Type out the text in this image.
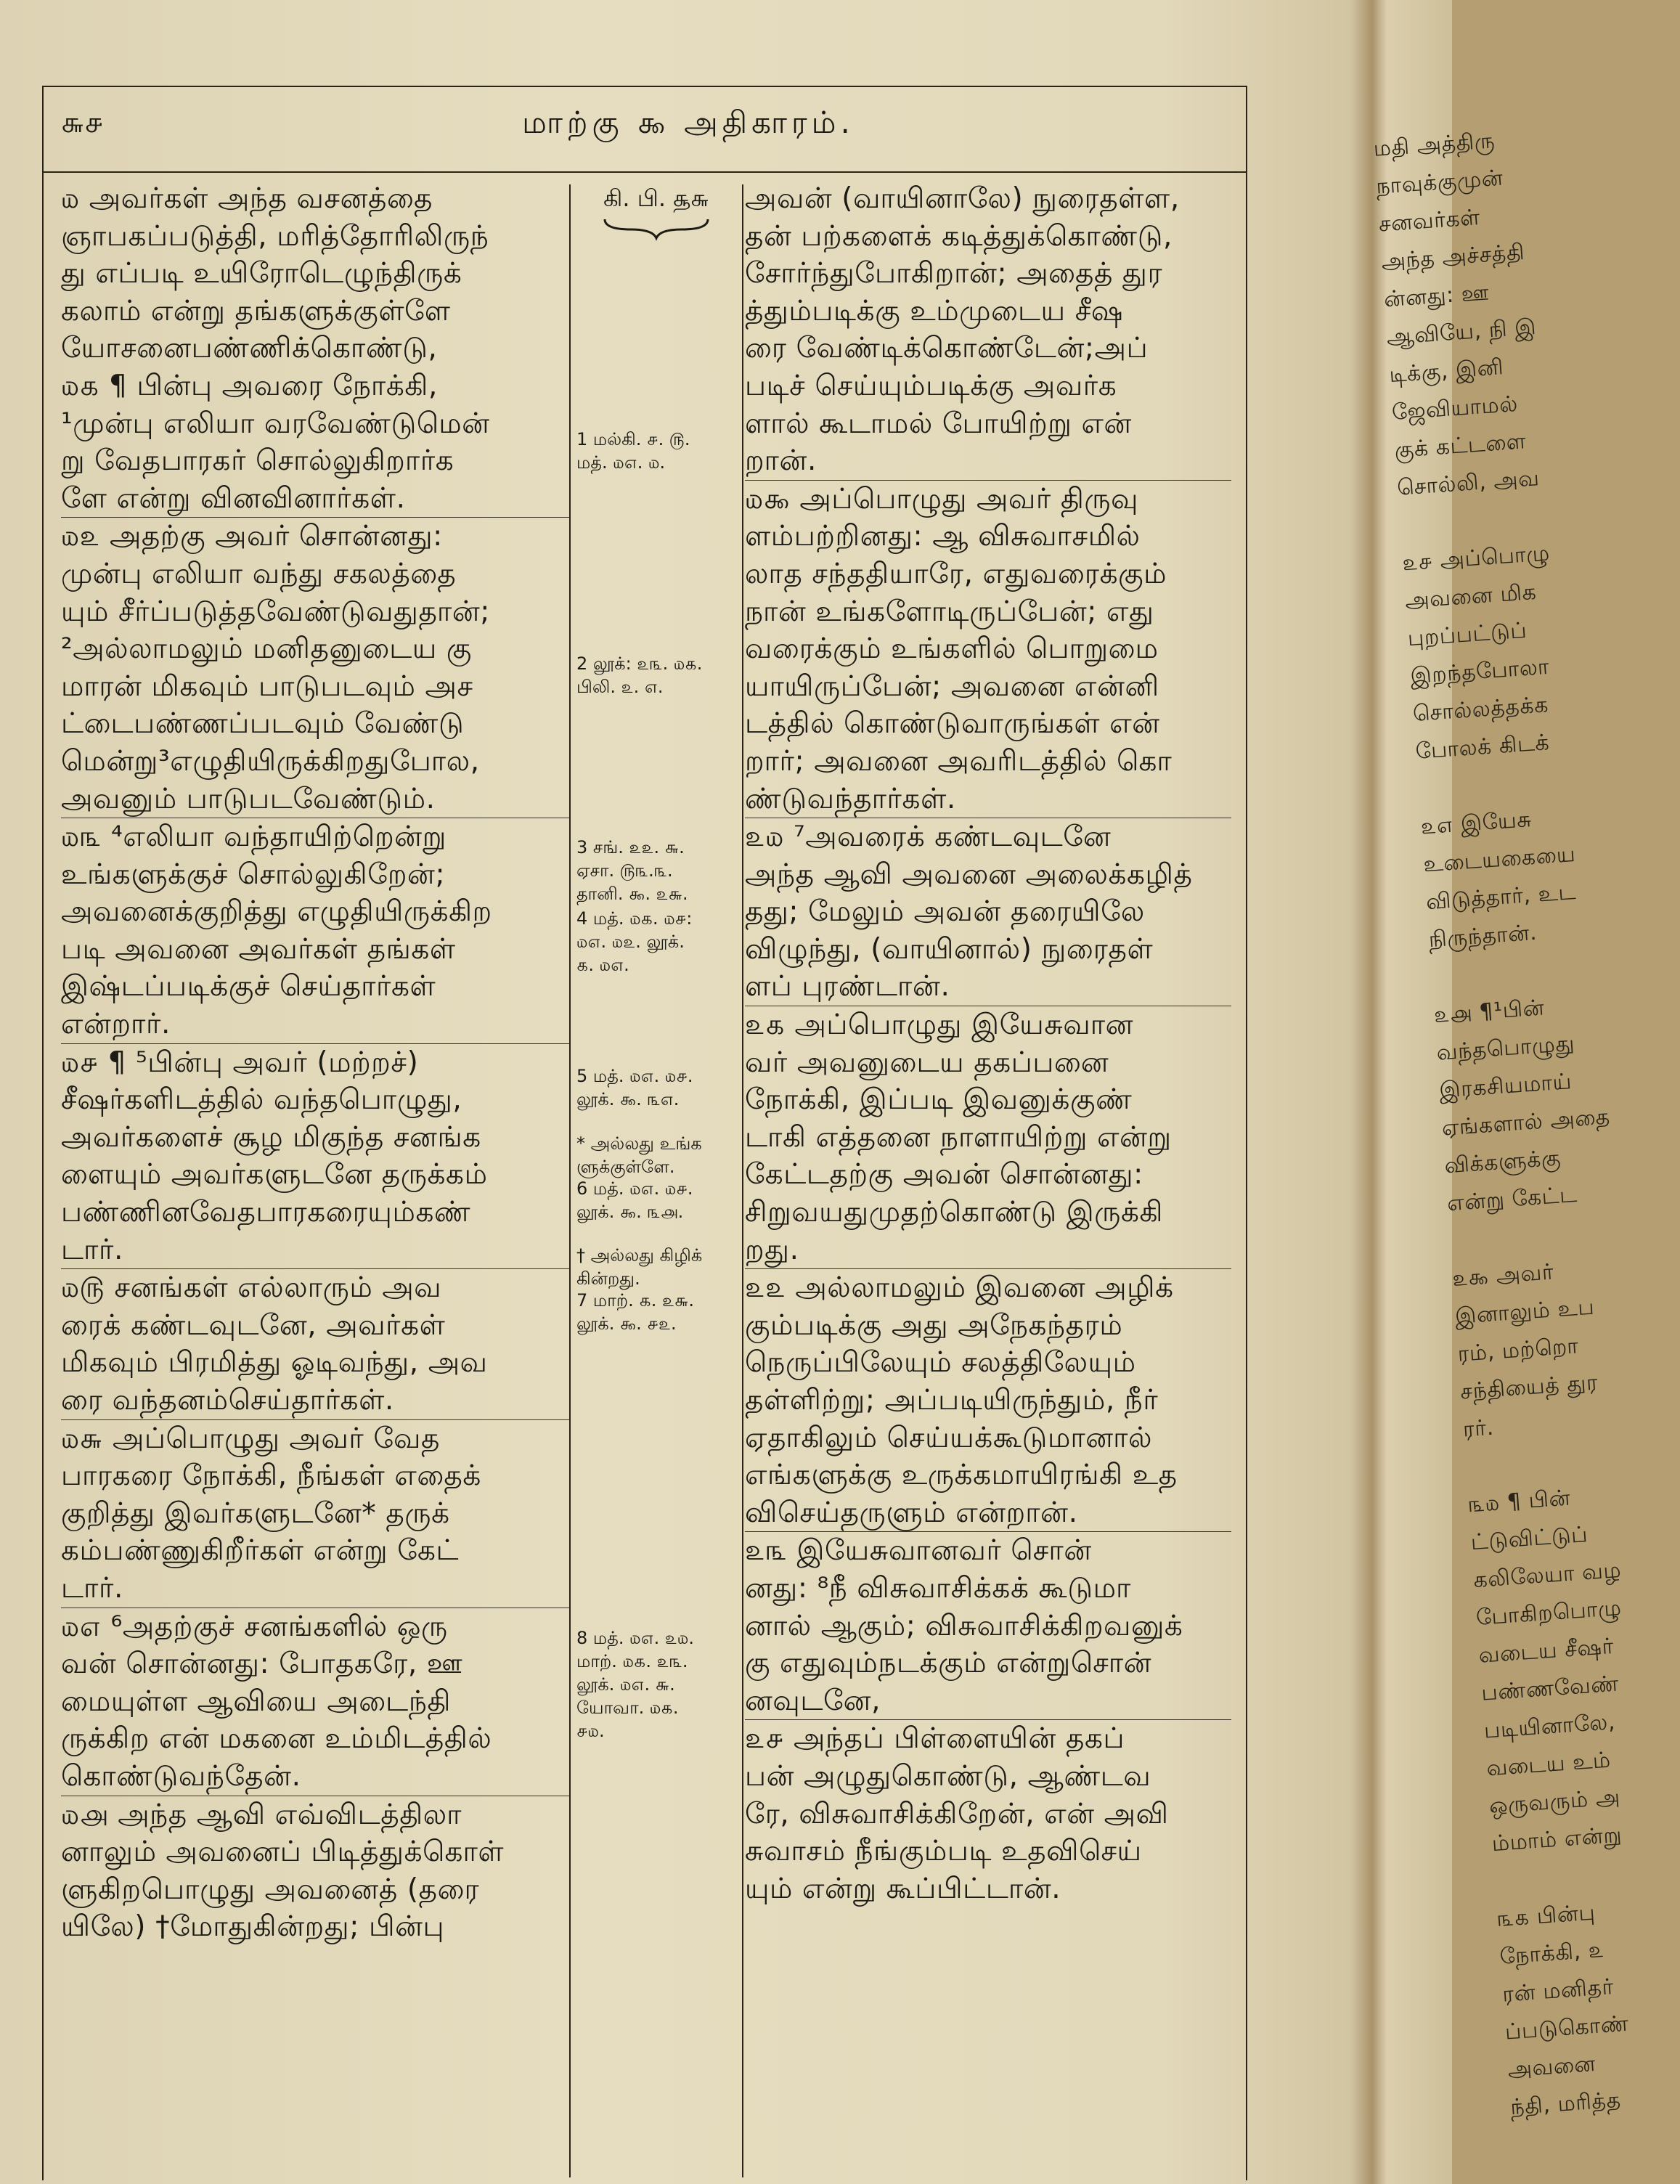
௬௪	மாற்கு ௯ அதிகாரம்.
௰ அவர்கள் அந்த வசனத்தை
ஞாபகப்படுத்தி, மரித்தோரிலிருந்
து எப்படி உயிரோடெழுந்திருக்
கலாம் என்று தங்களுக்குள்ளே
யோசனைபண்ணிக்கொண்டு,
௰௧ ¶ பின்பு அவரை நோக்கி,
¹முன்பு எலியா வரவேண்டுமென்
று வேதபாரகர் சொல்லுகிறார்க
ளே என்று வினவினார்கள்.
௰௨ அதற்கு அவர் சொன்னது:
முன்பு எலியா வந்து சகலத்தை
யும் சீர்ப்படுத்தவேண்டுவதுதான்;
²அல்லாமலும் மனிதனுடைய கு
மாரன் மிகவும் பாடுபடவும் அச
ட்டைபண்ணப்படவும் வேண்டு
மென்று³எழுதியிருக்கிறதுபோல,
அவனும் பாடுபடவேண்டும்.
௰௩ ⁴எலியா வந்தாயிற்றென்று
உங்களுக்குச் சொல்லுகிறேன்;
அவனைக்குறித்து எழுதியிருக்கிற
படி அவனை அவர்கள் தங்கள்
இஷ்டப்படிக்குச் செய்தார்கள்
என்றார்.
௰௪ ¶ ⁵பின்பு அவர் (மற்றச்)
சீஷர்களிடத்தில் வந்தபொழுது,
அவர்களைச் சூழ மிகுந்த சனங்க
ளையும் அவர்களுடனே தருக்கம்
பண்ணினவேதபாரகரையும்கண்
டார்.
௰௫ சனங்கள் எல்லாரும் அவ
ரைக் கண்டவுடனே, அவர்கள்
மிகவும் பிரமித்து ஓடிவந்து, அவ
ரை வந்தனம்செய்தார்கள்.
௰௬ அப்பொழுது அவர் வேத
பாரகரை நோக்கி, நீங்கள் எதைக்
குறித்து இவர்களுடனே* தருக்
கம்பண்ணுகிறீர்கள் என்று கேட்
டார்.
௰௭ ⁶அதற்குச் சனங்களில் ஒரு
வன் சொன்னது: போதகரே, ஊ
மையுள்ள ஆவியை அடைந்தி
ருக்கிற என் மகனை உம்மிடத்தில்
கொண்டுவந்தேன்.
௰௮ அந்த ஆவி எவ்விடத்திலா
னாலும் அவனைப் பிடித்துக்கொள்
ளுகிறபொழுது அவனைத் (தரை
யிலே) †மோதுகின்றது; பின்பு
கி. பி. ௲௬
1 மல்கி. ௪. ௫.
மத். ௰௭. ௰.
2 லூக்: ௨௩. ௰௧.
பிலி. ௨. ௭.
3 சங். ௨௨. ௬.
ஏசா. ௫௩.௩.
தானி. ௯. ௨௬.
4 மத். ௰௧. ௰௪:
௰௭. ௰௨. லூக்.
௧. ௰௭.
5 மத். ௰௭. ௰௪.
லூக். ௯. ௩௭.
* அல்லது உங்க
ளுக்குள்ளே.
6 மத். ௰௭. ௰௪.
லூக். ௯. ௩௮.
† அல்லது கிழிக்
கின்றது.
7 மாற். ௧. ௨௬.
லூக். ௯. ௪௨.
8 மத். ௰௭. ௨௰.
மாற். ௰௧. ௨௩.
லூக். ௰௭. ௬.
யோவா. ௰௧.
௪௰.
அவன் (வாயினாலே) நுரைதள்ள,
தன் பற்களைக் கடித்துக்கொண்டு,
சோர்ந்துபோகிறான்; அதைத் துர
த்தும்படிக்கு உம்முடைய சீஷ
ரை வேண்டிக்கொண்டேன்;அப்
படிச் செய்யும்படிக்கு அவர்க
ளால் கூடாமல் போயிற்று என்
றான்.
௰௯ அப்பொழுது அவர் திருவு
ளம்பற்றினது: ஆ விசுவாசமில்
லாத சந்ததியாரே, எதுவரைக்கும்
நான் உங்களோடிருப்பேன்; எது
வரைக்கும் உங்களில் பொறுமை
யாயிருப்பேன்; அவனை என்னி
டத்தில் கொண்டுவாருங்கள் என்
றார்; அவனை அவரிடத்தில் கொ
ண்டுவந்தார்கள்.
௨௰ ⁷அவரைக் கண்டவுடனே
அந்த ஆவி அவனை அலைக்கழித்
தது; மேலும் அவன் தரையிலே
விழுந்து, (வாயினால்) நுரைதள்
ளப் புரண்டான்.
௨௧ அப்பொழுது இயேசுவான
வர் அவனுடைய தகப்பனை
நோக்கி, இப்படி இவனுக்குண்
டாகி எத்தனை நாளாயிற்று என்று
கேட்டதற்கு அவன் சொன்னது:
சிறுவயதுமுதற்கொண்டு இருக்கி
றது.
௨௨ அல்லாமலும் இவனை அழிக்
கும்படிக்கு அது அநேகந்தரம்
நெருப்பிலேயும் சலத்திலேயும்
தள்ளிற்று; அப்படியிருந்தும், நீர்
ஏதாகிலும் செய்யக்கூடுமானால்
எங்களுக்கு உருக்கமாயிரங்கி உத
விசெய்தருளும் என்றான்.
௨௩ இயேசுவானவர் சொன்
னது: ⁸நீ விசுவாசிக்கக் கூடுமா
னால் ஆகும்; விசுவாசிக்கிறவனுக்
கு எதுவும்நடக்கும் என்றுசொன்
னவுடனே,
௨௪ அந்தப் பிள்ளையின் தகப்
பன் அழுதுகொண்டு, ஆண்டவ
ரே, விசுவாசிக்கிறேன், என் அவி
சுவாசம் நீங்கும்படி உதவிசெய்
யும் என்று கூப்பிட்டான்.
மதி அத்திரு
நாவுக்குமுன்
சனவர்கள்
அந்த அச்சத்தி
ன்னது: ஊ
ஆவியே, நி இ
டிக்கு, இனி
ஜேவியாமல்
குக் கட்டளை
சொல்லி, அவ
௨௪ அப்பொழு
அவனை மிக
புறப்பட்டுப்
இறந்தபோலா
சொல்லத்தக்க
போலக் கிடக்
௨௭ இயேசு
உடையகையை
விடுத்தார், உட
நிருந்தான்.
௨௮ ¶¹பின்
வந்தபொழுது
இரகசியமாய்
ஏங்களால் அதை
விக்களுக்கு
என்று கேட்ட
௨௯ அவர்
இனாலும் உப
ரம், மற்றொ
சந்தியைத் துர
ரர்.
௩௰ ¶ பின்
ட்டுவிட்டுப்
கலிலேயா வழ
போகிறபொழு
வடைய சீஷர்
பண்ணவேண்
படியினாலே,
வடைய உம்
ஒருவரும் அ
ம்மாம் என்று
௩௧ பின்பு
நோக்கி, ௨
ரன் மனிதர்
ப்படுகொண்
அவனை
ந்தி, மரித்த
